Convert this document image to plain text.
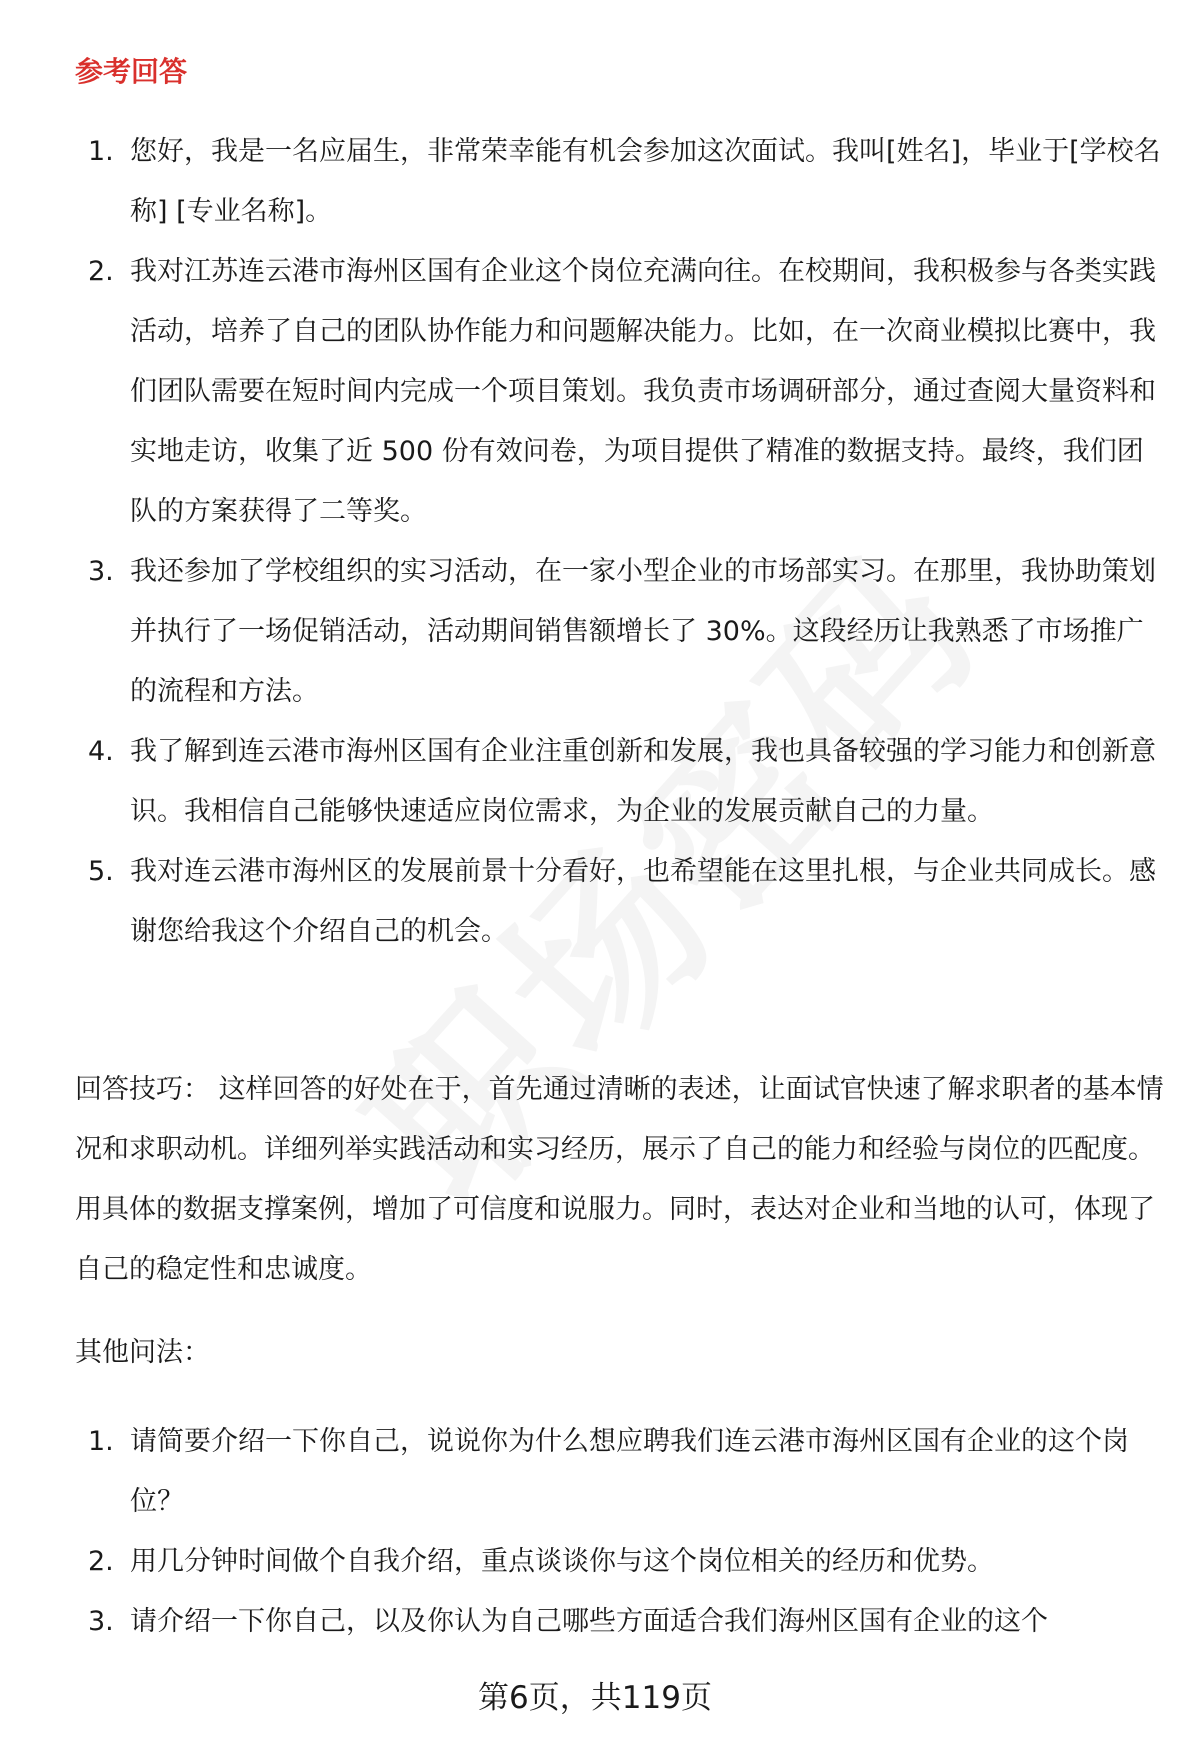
参考回答
1. 您好，我是一名应届生，非常荣幸能有机会参加这次面试。我叫[姓名]，毕业于[学校名称] [专业名称]。
2. 我对江苏连云港市海州区国有企业这个岗位充满向往。在校期间，我积极参与各类实践活动，培养了自己的团队协作能力和问题解决能力。比如，在一次商业模拟比赛中，我们团队需要在短时间内完成一个项目策划。我负责市场调研部分，通过查阅大量资料和实地走访，收集了近 500 份有效问卷，为项目提供了精准的数据支持。最终，我们团队的方案获得了二等奖。
3. 我还参加了学校组织的实习活动，在一家小型企业的市场部实习。在那里，我协助策划并执行了一场促销活动，活动期间销售额增长了 30%。这段经历让我熟悉了市场推广的流程和方法。
4. 我了解到连云港市海州区国有企业注重创新和发展，我也具备较强的学习能力和创新意识。我相信自己能够快速适应岗位需求，为企业的发展贡献自己的力量。
5. 我对连云港市海州区的发展前景十分看好，也希望能在这里扎根，与企业共同成长。感谢您给我这个介绍自己的机会。

回答技巧： 这样回答的好处在于，首先通过清晰的表述，让面试官快速了解求职者的基本情况和求职动机。详细列举实践活动和实习经历，展示了自己的能力和经验与岗位的匹配度。用具体的数据支撑案例，增加了可信度和说服力。同时，表达对企业和当地的认可，体现了自己的稳定性和忠诚度。

其他问法：
1. 请简要介绍一下你自己，说说你为什么想应聘我们连云港市海州区国有企业的这个岗位？
2. 用几分钟时间做个自我介绍，重点谈谈你与这个岗位相关的经历和优势。
3. 请介绍一下你自己，以及你认为自己哪些方面适合我们海州区国有企业的这个
第6页，共119页
